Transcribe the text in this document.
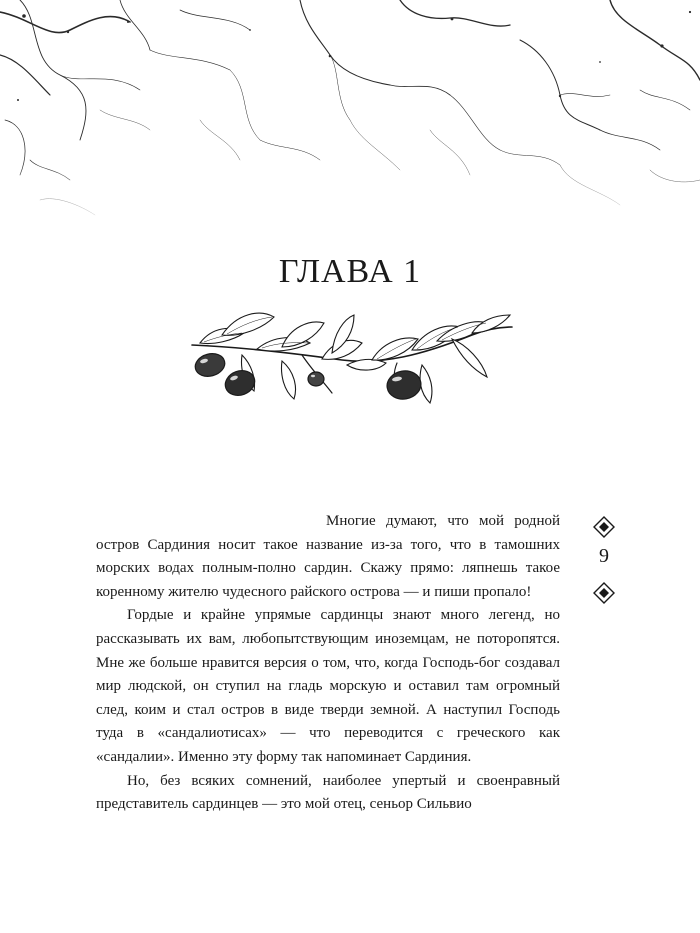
ГЛАВА 1

Многие думают, что мой родной остров Сардиния носит такое название из-за того, что в тамошних морских водах полным-полно сардин. Скажу прямо: ляпнешь такое коренному жителю чудесного райского острова — и пиши пропало!

Гордые и крайне упрямые сардинцы знают много легенд, но рассказывать их вам, любопытствующим иноземцам, не поторопятся. Мне же больше нравится версия о том, что, когда Господь-бог создавал мир людской, он ступил на гладь морскую и оставил там огромный след, коим и стал остров в виде тверди земной. А наступил Господь туда в «сандалиотисах» — что переводится с греческого как «сандалии». Именно эту форму так напоминает Сардиния.

Но, без всяких сомнений, наиболее упертый и своенравный представитель сардинцев — это мой отец, сеньор Сильвио

9
